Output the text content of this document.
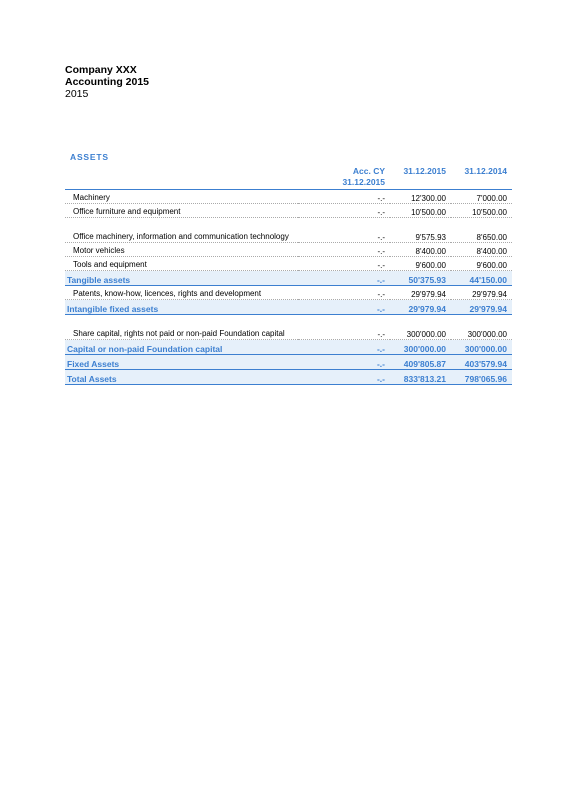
Company XXX
Accounting 2015
2015
ASSETS
	Acc. CY 31.12.2015	31.12.2015	31.12.2014
Machinery	-.-	12'300.00	7'000.00
Office furniture and equipment	-.-	10'500.00	10'500.00
Office machinery, information and communication technology	-.-	9'575.93	8'650.00
Motor vehicles	-.-	8'400.00	8'400.00
Tools and equipment	-.-	9'600.00	9'600.00
Tangible assets	-.-	50'375.93	44'150.00
Patents, know-how, licences, rights and development	-.-	29'979.94	29'979.94
Intangible fixed assets	-.-	29'979.94	29'979.94
Share capital, rights not paid or non-paid Foundation capital	-.-	300'000.00	300'000.00
Capital or non-paid Foundation capital	-.-	300'000.00	300'000.00
Fixed Assets	-.-	409'805.87	403'579.94
Total Assets	-.-	833'813.21	798'065.96
